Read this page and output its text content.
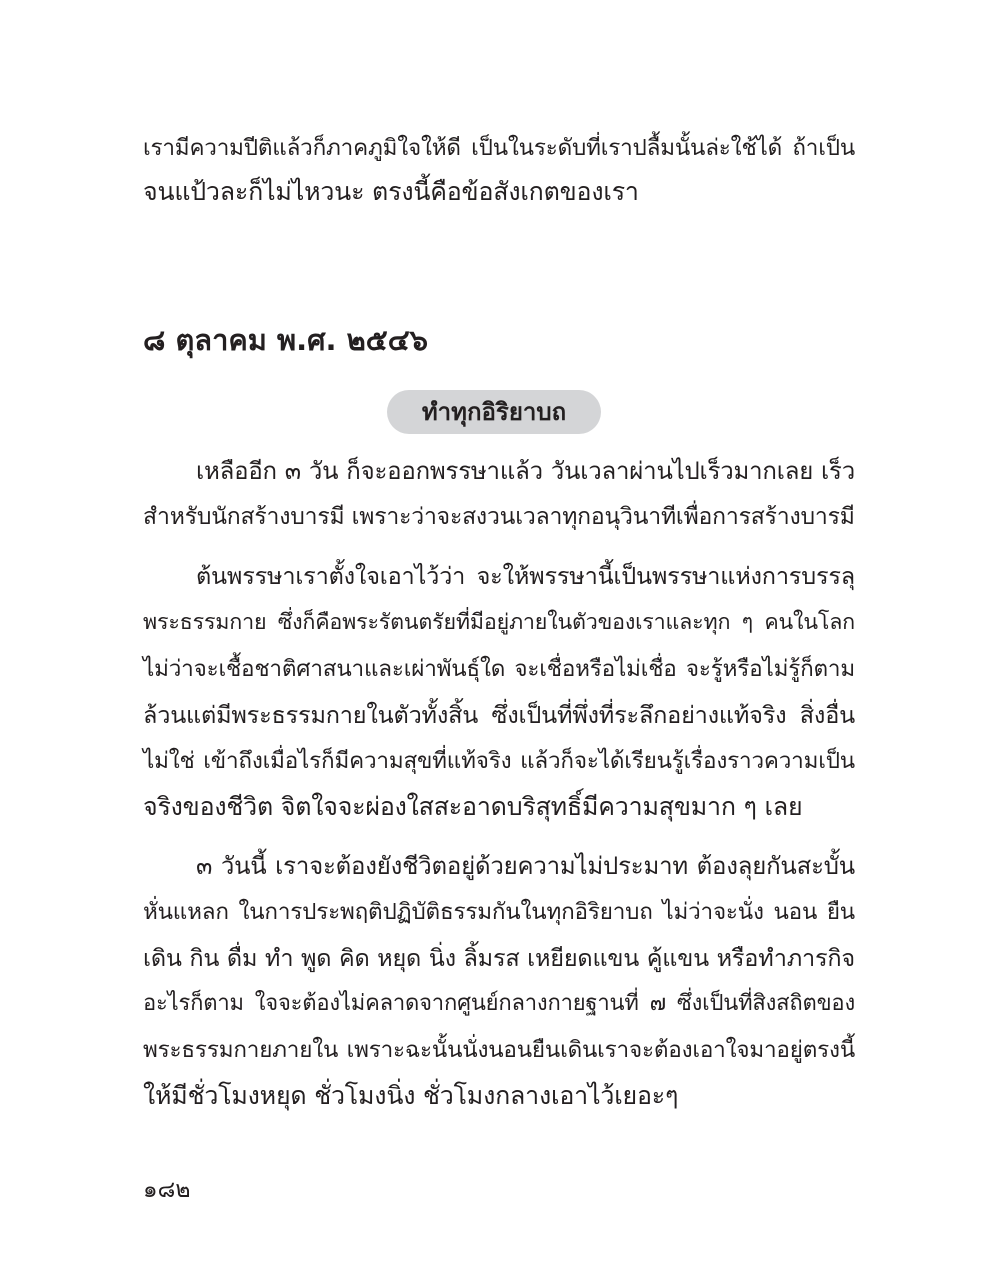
เรามีความปีติแล้วก็ภาคภูมิใจให้ดี เป็นในระดับที่เราปลื้มนั้นล่ะใช้ได้ ถ้าเป็น
จนแป้วละก็ไม่ไหวนะ ตรงนี้คือข้อสังเกตของเรา
๘ ตุลาคม พ.ศ. ๒๕๔๖
ทำทุกอิริยาบถ
เหลืออีก ๓ วัน ก็จะออกพรรษาแล้ว วันเวลาผ่านไปเร็วมากเลย เร็ว
สำหรับนักสร้างบารมี เพราะว่าจะสงวนเวลาทุกอนุวินาทีเพื่อการสร้างบารมี
ต้นพรรษาเราตั้งใจเอาไว้ว่า จะให้พรรษานี้เป็นพรรษาแห่งการบรรลุ
พระธรรมกาย ซึ่งก็คือพระรัตนตรัยที่มีอยู่ภายในตัวของเราและทุก ๆ คนในโลก
ไม่ว่าจะเชื้อชาติศาสนาและเผ่าพันธุ์ใด จะเชื่อหรือไม่เชื่อ จะรู้หรือไม่รู้ก็ตาม
ล้วนแต่มีพระธรรมกายในตัวทั้งสิ้น ซึ่งเป็นที่พึ่งที่ระลึกอย่างแท้จริง สิ่งอื่น
ไม่ใช่ เข้าถึงเมื่อไรก็มีความสุขที่แท้จริง แล้วก็จะได้เรียนรู้เรื่องราวความเป็น
จริงของชีวิต จิตใจจะผ่องใสสะอาดบริสุทธิ์มีความสุขมาก ๆ เลย
๓ วันนี้ เราจะต้องยังชีวิตอยู่ด้วยความไม่ประมาท ต้องลุยกันสะบั้น
หั่นแหลก ในการประพฤติปฏิบัติธรรมกันในทุกอิริยาบถ ไม่ว่าจะนั่ง นอน ยืน
เดิน กิน ดื่ม ทำ พูด คิด หยุด นิ่ง ลิ้มรส เหยียดแขน คู้แขน หรือทำภารกิจ
อะไรก็ตาม ใจจะต้องไม่คลาดจากศูนย์กลางกายฐานที่ ๗ ซึ่งเป็นที่สิงสถิตของ
พระธรรมกายภายใน เพราะฉะนั้นนั่งนอนยืนเดินเราจะต้องเอาใจมาอยู่ตรงนี้
ให้มีชั่วโมงหยุด ชั่วโมงนิ่ง ชั่วโมงกลางเอาไว้เยอะๆ
๑๘๒
